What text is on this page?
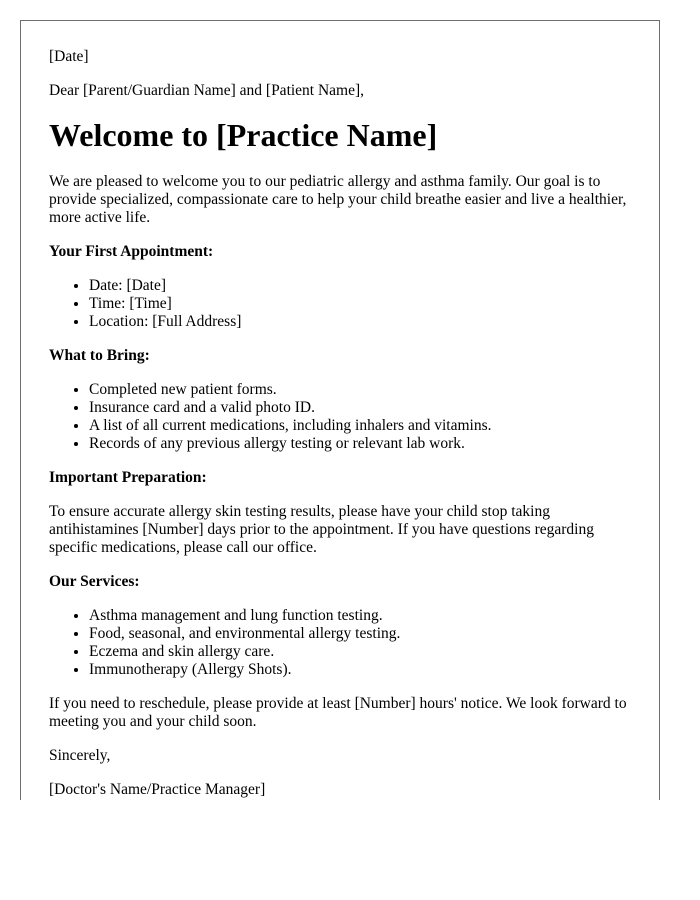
[Date]

Dear [Parent/Guardian Name] and [Patient Name],

Welcome to [Practice Name]

We are pleased to welcome you to our pediatric allergy and asthma family. Our goal is to provide specialized, compassionate care to help your child breathe easier and live a healthier, more active life.

Your First Appointment:

• Date: [Date]
• Time: [Time]
• Location: [Full Address]

What to Bring:

• Completed new patient forms.
• Insurance card and a valid photo ID.
• A list of all current medications, including inhalers and vitamins.
• Records of any previous allergy testing or relevant lab work.

Important Preparation:

To ensure accurate allergy skin testing results, please have your child stop taking antihistamines [Number] days prior to the appointment. If you have questions regarding specific medications, please call our office.

Our Services:

• Asthma management and lung function testing.
• Food, seasonal, and environmental allergy testing.
• Eczema and skin allergy care.
• Immunotherapy (Allergy Shots).

If you need to reschedule, please provide at least [Number] hours' notice. We look forward to meeting you and your child soon.

Sincerely,

[Doctor's Name/Practice Manager]
